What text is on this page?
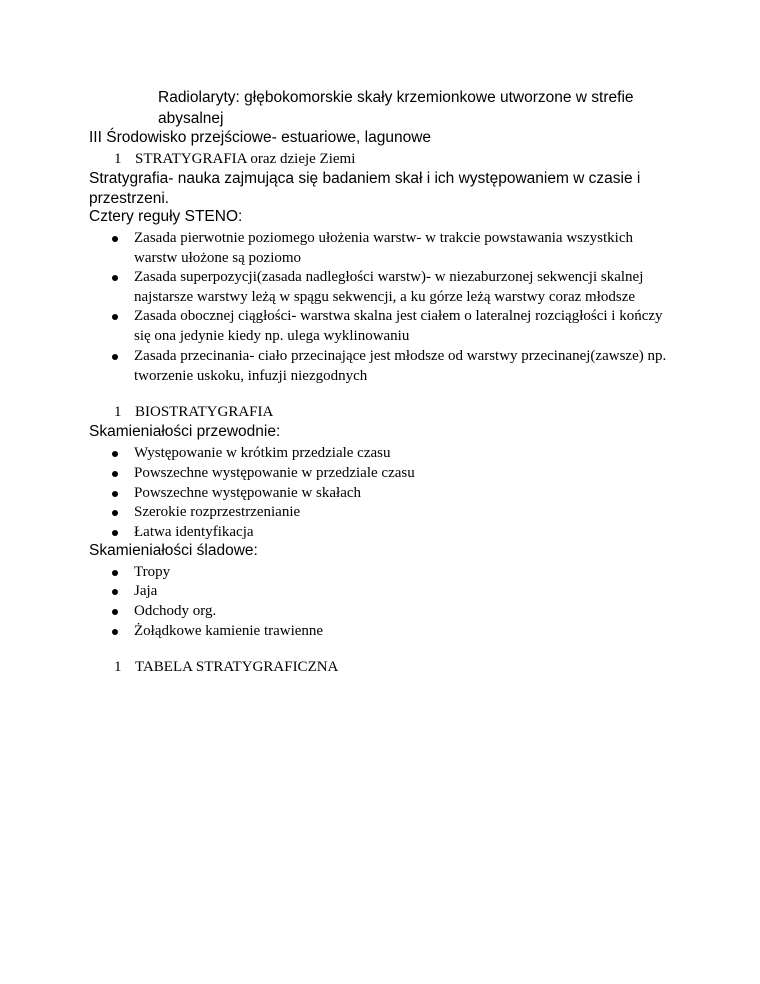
Radiolaryty: głębokomorskie skały krzemionkowe utworzone w strefie

abysalnej

III Środowisko przejściowe- estuariowe, lagunowe

1 STRATYGRAFIA oraz dzieje Ziemi

Stratygrafia- nauka zajmująca się badaniem skał i ich występowaniem w czasie i

przestrzeni.

Cztery reguły STENO:

Zasada pierwotnie poziomego ułożenia warstw- w trakcie powstawania wszystkich
warstw ułożone są poziomo
Zasada superpozycji(zasada nadległości warstw)- w niezaburzonej sekwencji skalnej
najstarsze warstwy leżą w spągu sekwencji, a ku górze leżą warstwy coraz młodsze
Zasada obocznej ciągłości- warstwa skalna jest ciałem o lateralnej rozciągłości i kończy
się ona jedynie kiedy np. ulega wyklinowaniu
Zasada przecinania- ciało przecinające jest młodsze od warstwy przecinanej(zawsze) np.
tworzenie uskoku, infuzji niezgodnych
1 BIOSTRATYGRAFIA

Skamieniałości przewodnie:

Występowanie w krótkim przedziale czasu
Powszechne występowanie w przedziale czasu
Powszechne występowanie w skałach
Szerokie rozprzestrzenianie
Łatwa identyfikacja

Skamieniałości śladowe:

Tropy
Jaja
Odchody org.
Żołądkowe kamienie trawienne
1 TABELA STRATYGRAFICZNA
